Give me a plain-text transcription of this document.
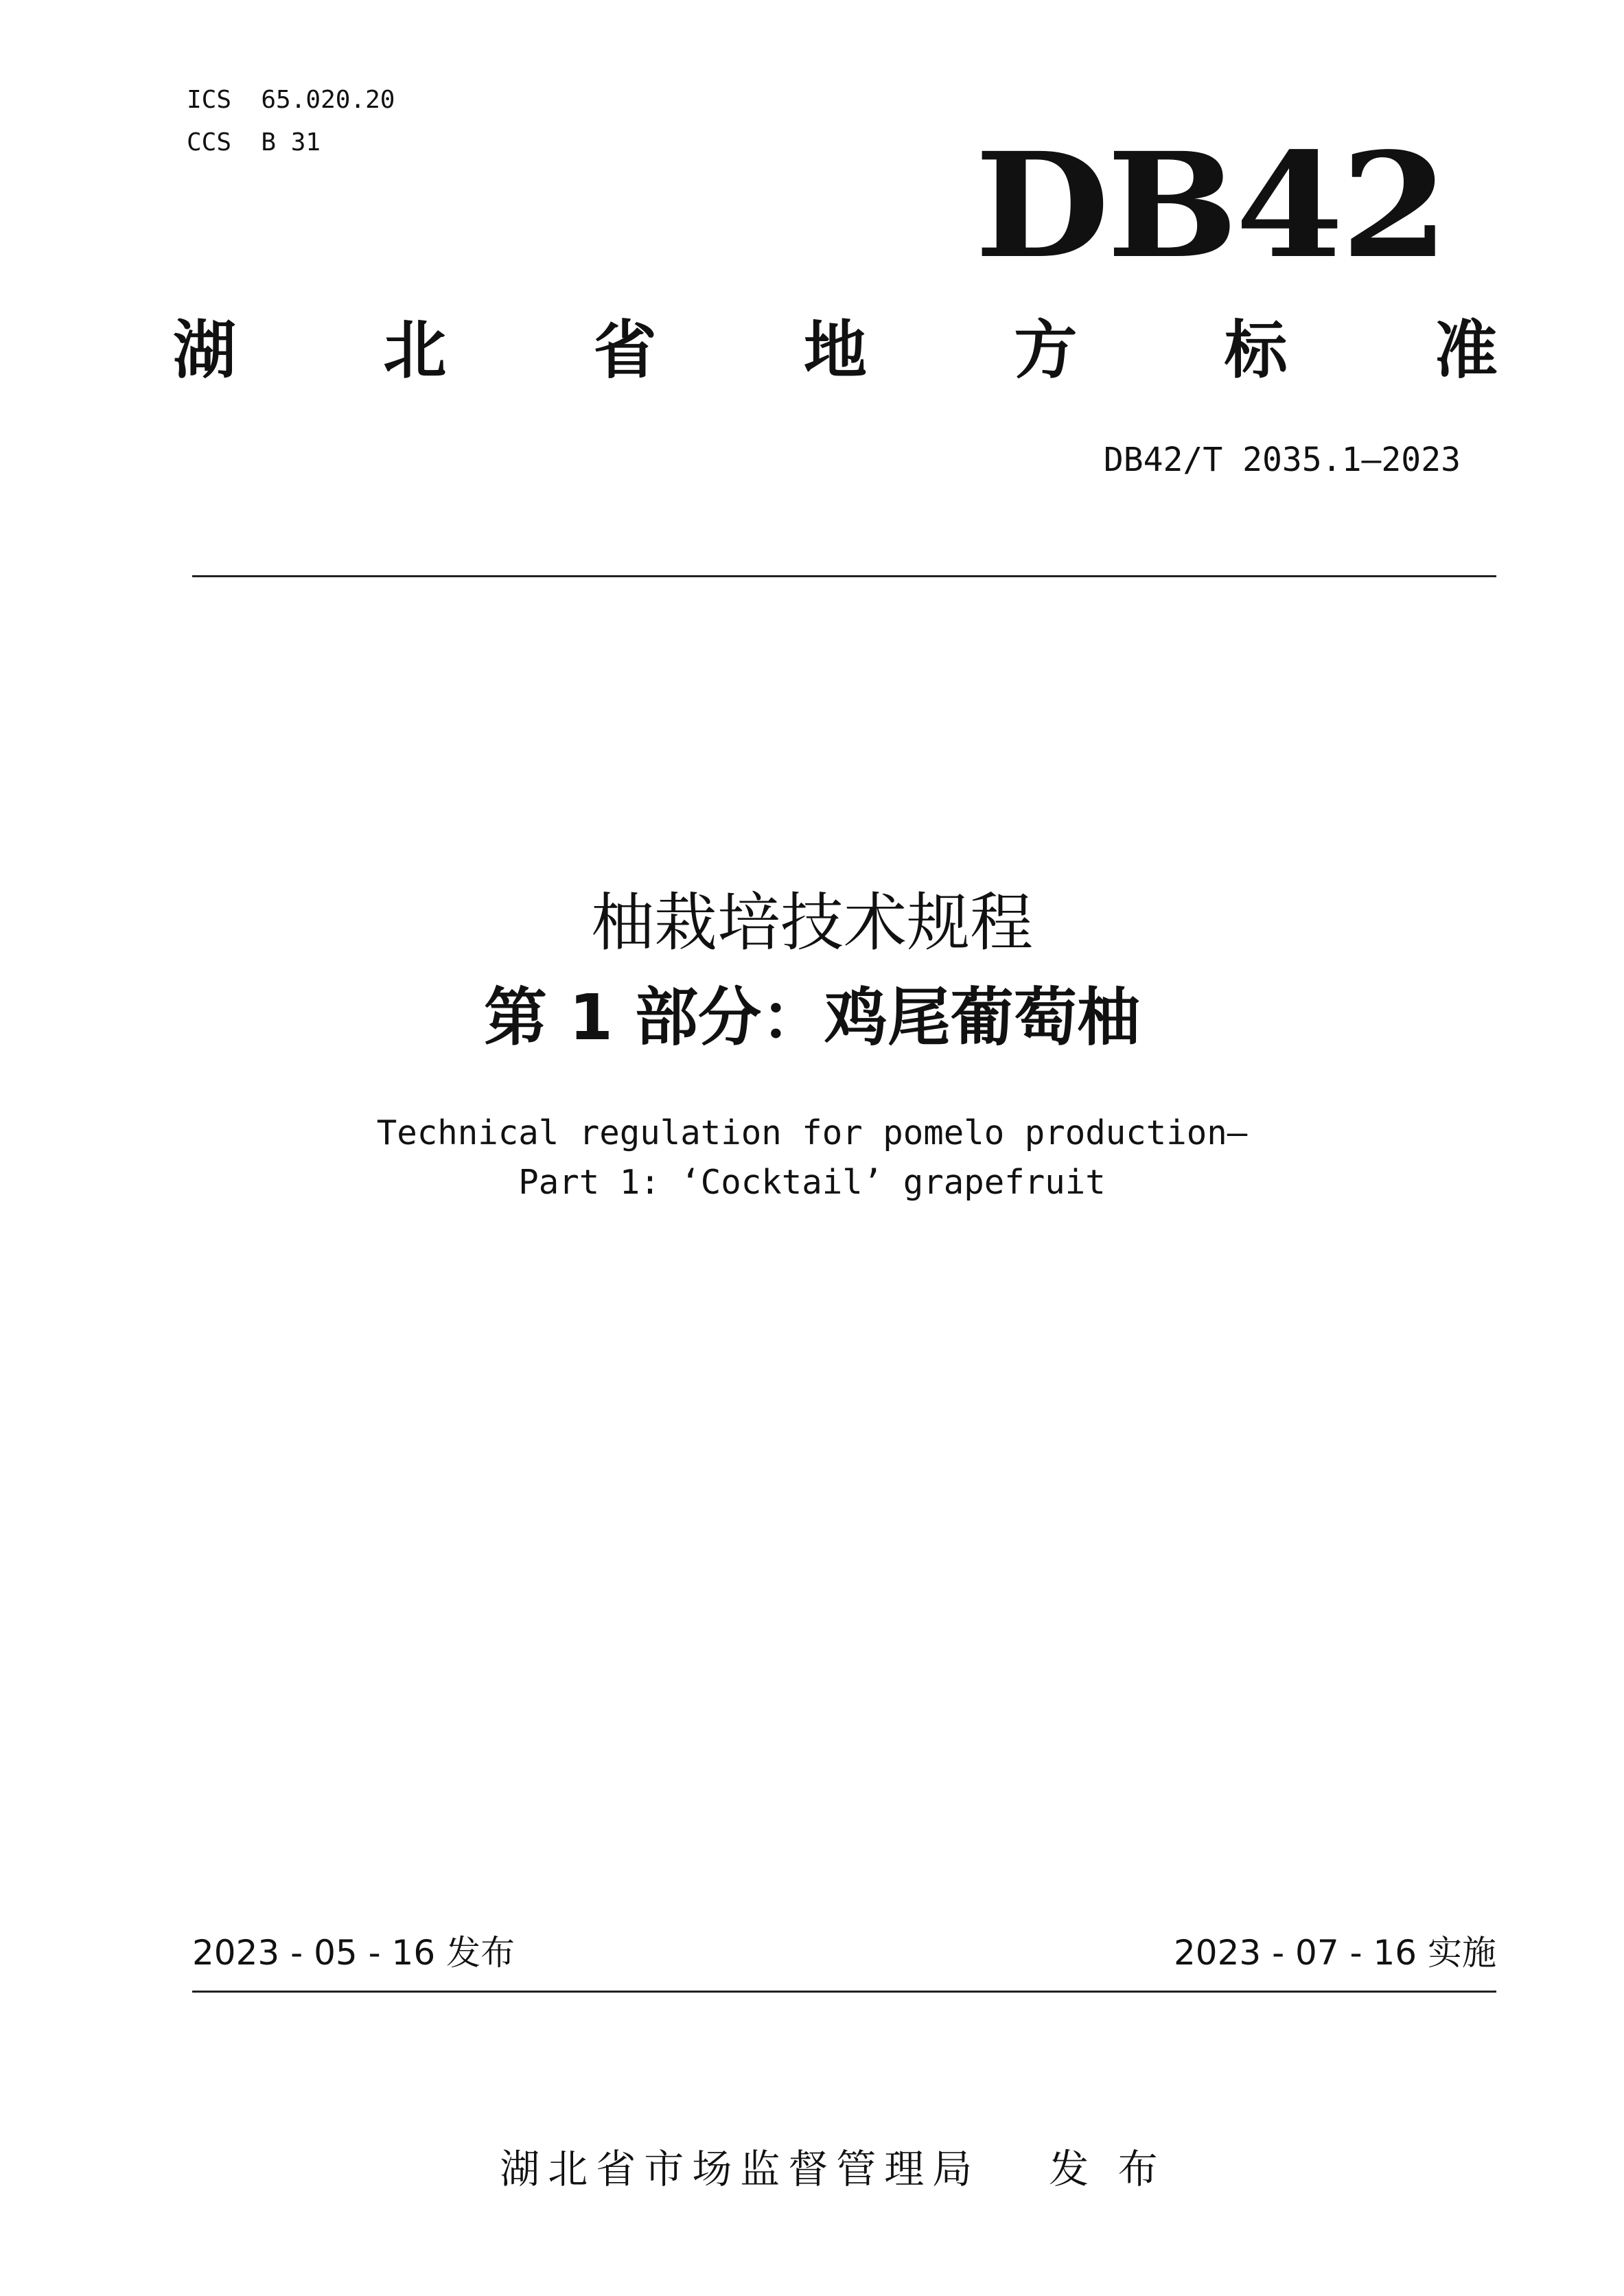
ICS  65.020.20
CCS  B 31	DB42
湖 北 省 地 方 标 准
DB42/T 2035.1—2023
柚栽培技术规程
第 1 部分：鸡尾葡萄柚
Technical regulation for pomelo production—
Part 1: ‘Cocktail’ grapefruit
2023 - 05 - 16 发布	2023 - 07 - 16 实施

湖北省市场监督管理局 发 布
